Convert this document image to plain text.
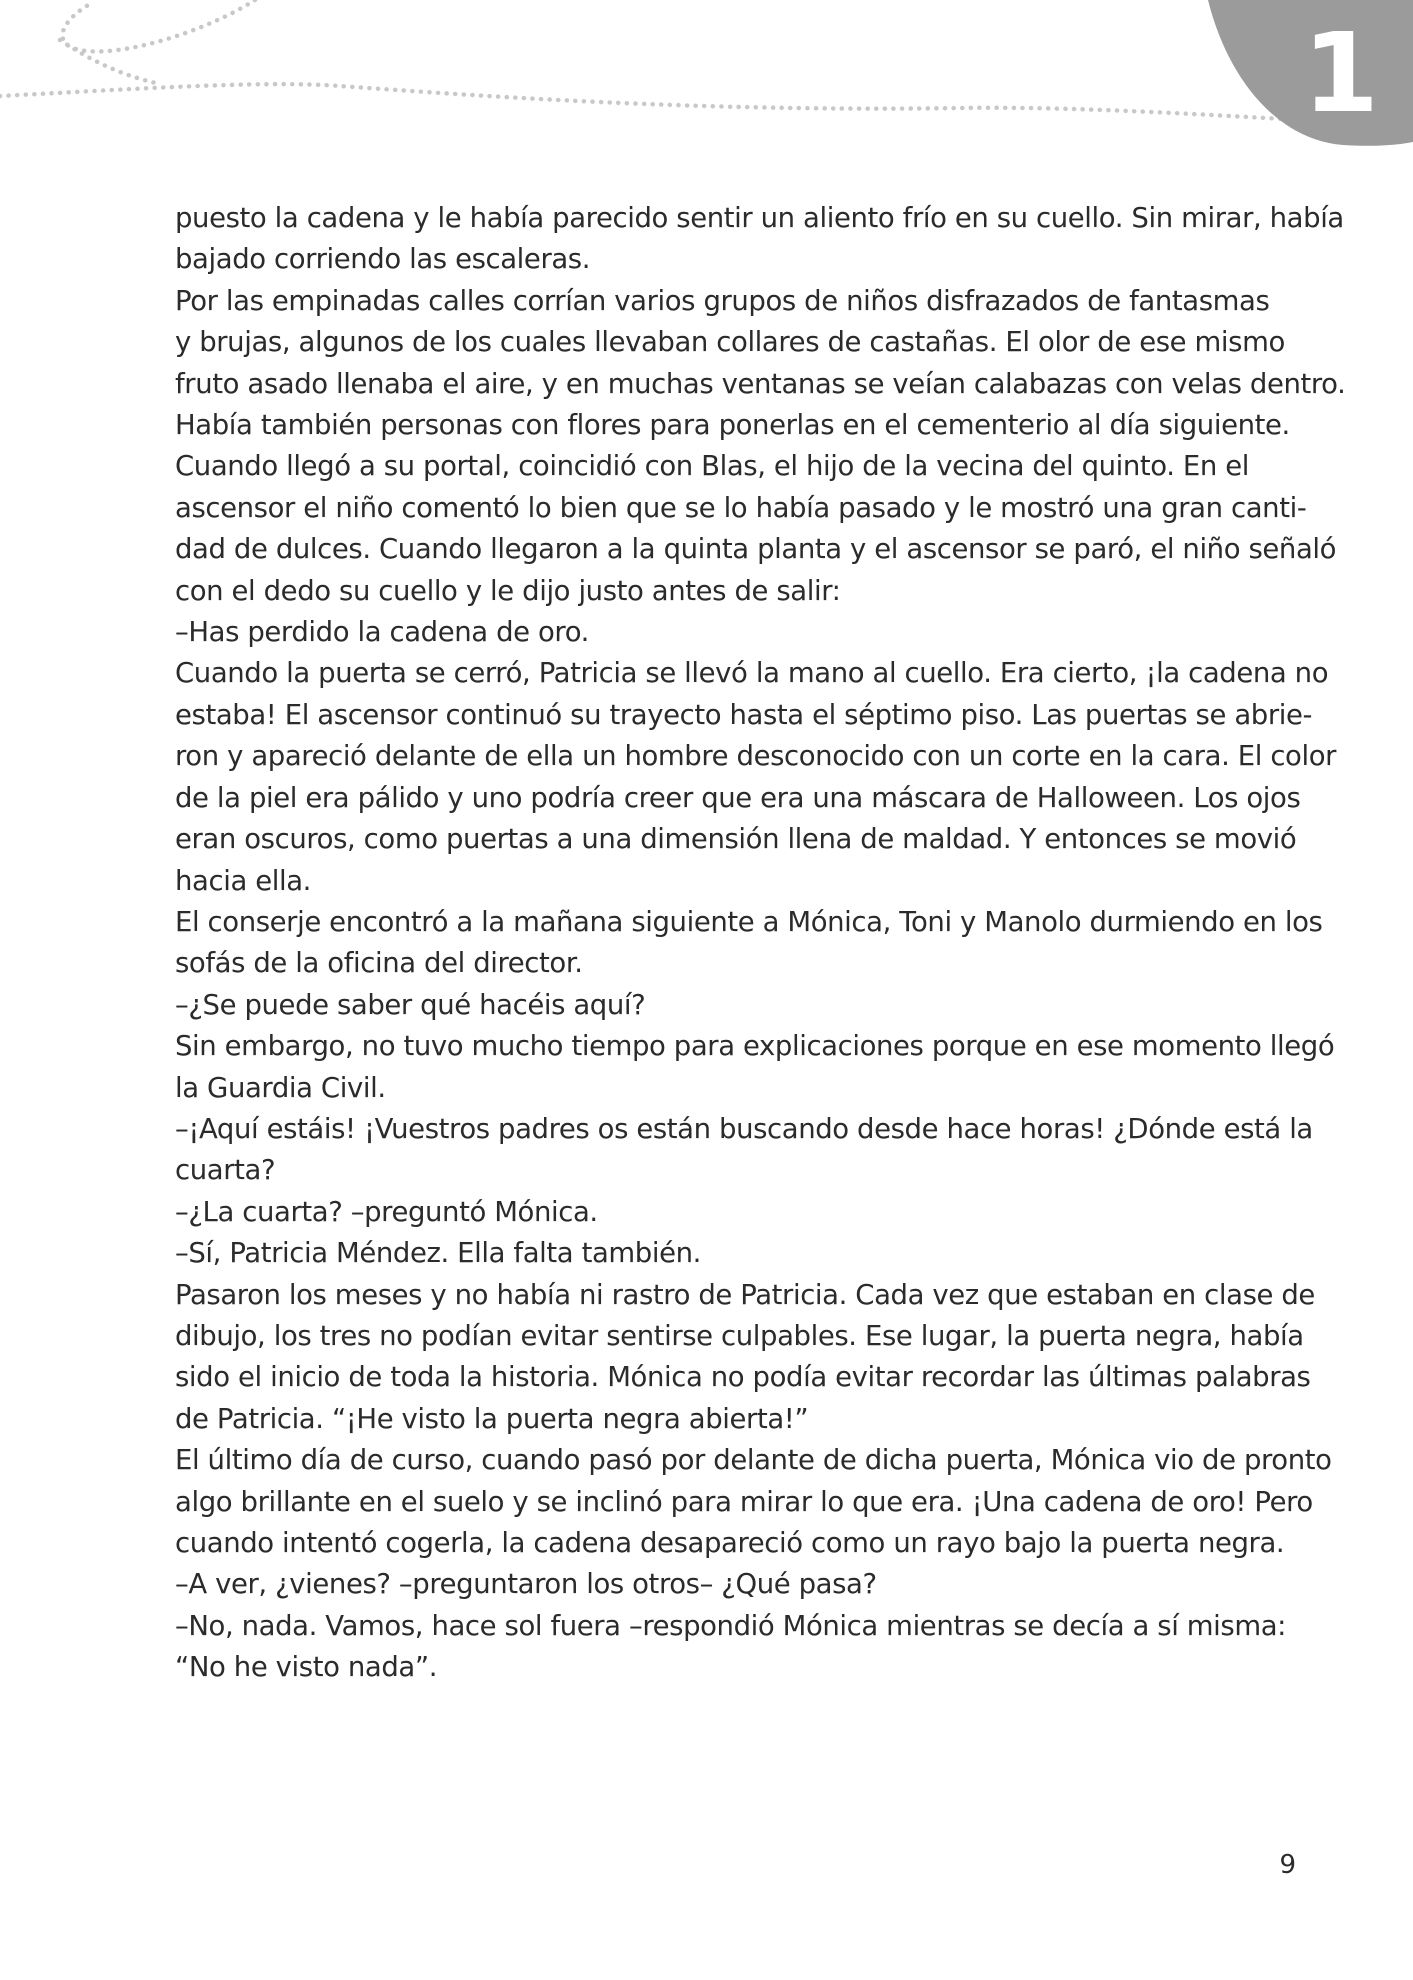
1

puesto la cadena y le había parecido sentir un aliento frío en su cuello. Sin mirar, había

bajado corriendo las escaleras.

Por las empinadas calles corrían varios grupos de niños disfrazados de fantasmas

y brujas, algunos de los cuales llevaban collares de castañas. El olor de ese mismo

fruto asado llenaba el aire, y en muchas ventanas se veían calabazas con velas dentro.

Había también personas con flores para ponerlas en el cementerio al día siguiente.

Cuando llegó a su portal, coincidió con Blas, el hijo de la vecina del quinto. En el

ascensor el niño comentó lo bien que se lo había pasado y le mostró una gran canti-

dad de dulces. Cuando llegaron a la quinta planta y el ascensor se paró, el niño señaló

con el dedo su cuello y le dijo justo antes de salir:

–Has perdido la cadena de oro.

Cuando la puerta se cerró, Patricia se llevó la mano al cuello. Era cierto, ¡la cadena no

estaba! El ascensor continuó su trayecto hasta el séptimo piso. Las puertas se abrie-

ron y apareció delante de ella un hombre desconocido con un corte en la cara. El color

de la piel era pálido y uno podría creer que era una máscara de Halloween. Los ojos

eran oscuros, como puertas a una dimensión llena de maldad. Y entonces se movió

hacia ella.

El conserje encontró a la mañana siguiente a Mónica, Toni y Manolo durmiendo en los

sofás de la oficina del director.

–¿Se puede saber qué hacéis aquí?

Sin embargo, no tuvo mucho tiempo para explicaciones porque en ese momento llegó

la Guardia Civil.

–¡Aquí estáis! ¡Vuestros padres os están buscando desde hace horas! ¿Dónde está la

cuarta?

–¿La cuarta? –preguntó Mónica.

–Sí, Patricia Méndez. Ella falta también.

Pasaron los meses y no había ni rastro de Patricia. Cada vez que estaban en clase de

dibujo, los tres no podían evitar sentirse culpables. Ese lugar, la puerta negra, había

sido el inicio de toda la historia. Mónica no podía evitar recordar las últimas palabras

de Patricia. “¡He visto la puerta negra abierta!”

El último día de curso, cuando pasó por delante de dicha puerta, Mónica vio de pronto

algo brillante en el suelo y se inclinó para mirar lo que era. ¡Una cadena de oro! Pero

cuando intentó cogerla, la cadena desapareció como un rayo bajo la puerta negra.

–A ver, ¿vienes? –preguntaron los otros– ¿Qué pasa?

–No, nada. Vamos, hace sol fuera –respondió Mónica mientras se decía a sí misma:

“No he visto nada”.

9
